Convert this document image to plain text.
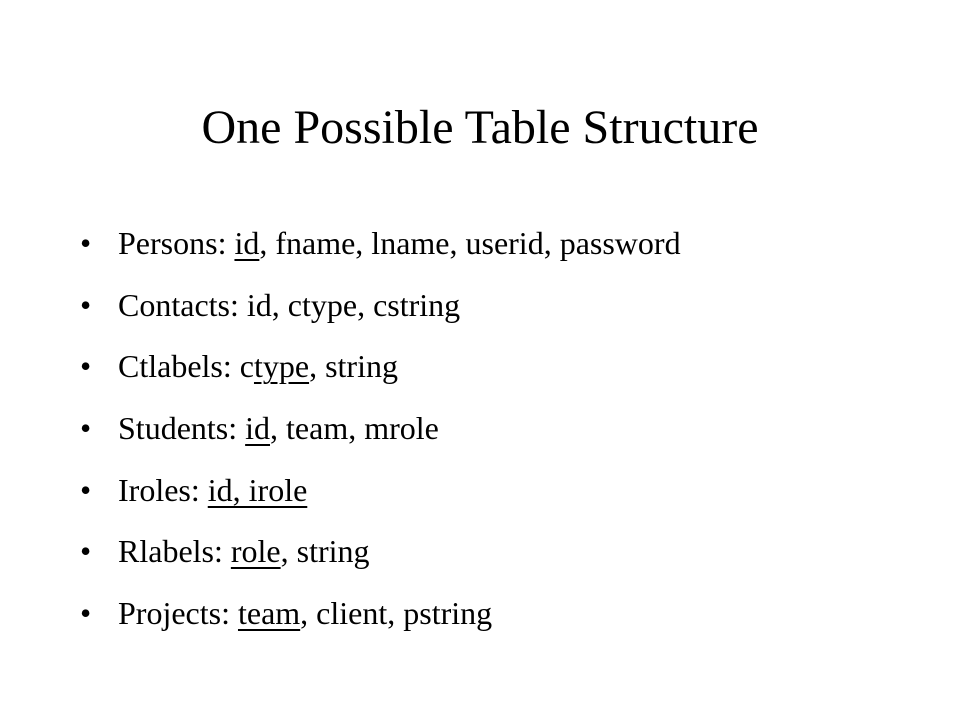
One Possible Table Structure
• Persons: id, fname, lname, userid, password
• Contacts: id, ctype, cstring
• Ctlabels: ctype, string
• Students: id, team, mrole
• Iroles: id, irole
• Rlabels: role, string
• Projects: team, client, pstring
